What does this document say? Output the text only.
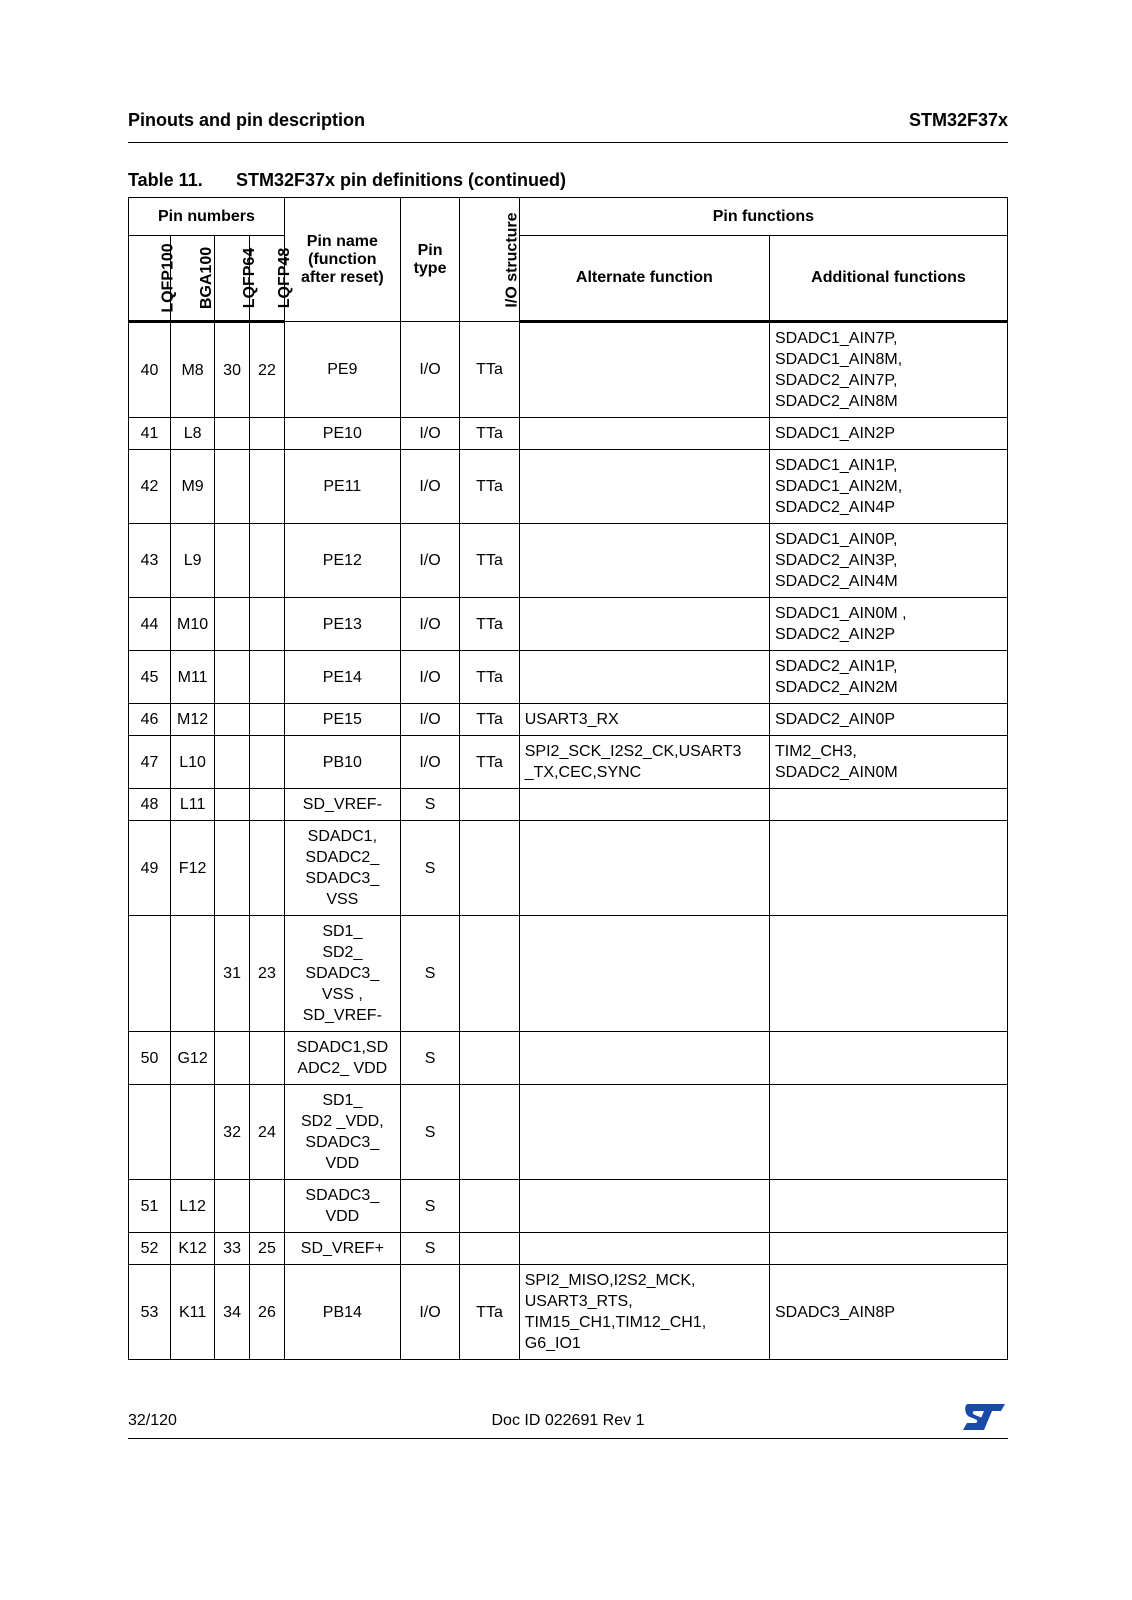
Pinouts and pin description	STM32F37x
Table 11. STM32F37x pin definitions (continued)
Pin numbers				Pin name
(function
after reset)	Pin
type	I/O structure	Pin functions	
LQFP100	BGA100	LQFP64	LQFP48				Alternate function	Additional functions
40	M8	30	22	PE9	I/O	TTa		SDADC1_AIN7P,
SDADC1_AIN8M,
SDADC2_AIN7P,
SDADC2_AIN8M
41	L8			PE10	I/O	TTa		SDADC1_AIN2P
42	M9			PE11	I/O	TTa		SDADC1_AIN1P,
SDADC1_AIN2M,
SDADC2_AIN4P
43	L9			PE12	I/O	TTa		SDADC1_AIN0P,
SDADC2_AIN3P,
SDADC2_AIN4M
44	M10			PE13	I/O	TTa		SDADC1_AIN0M ,
SDADC2_AIN2P
45	M11			PE14	I/O	TTa		SDADC2_AIN1P,
SDADC2_AIN2M
46	M12			PE15	I/O	TTa	USART3_RX	SDADC2_AIN0P
47	L10			PB10	I/O	TTa	SPI2_SCK_I2S2_CK,USART3
_TX,CEC,SYNC	TIM2_CH3,
SDADC2_AIN0M
48	L11			SD_VREF-	S			
49	F12			SDADC1,
SDADC2_
SDADC3_
VSS	S			
		31	23	SD1_
SD2_
SDADC3_
VSS ,
SD_VREF-	S			
50	G12			SDADC1,SD
ADC2_ VDD	S			
		32	24	SD1_
SD2 _VDD,
SDADC3_
VDD	S			
51	L12			SDADC3_
VDD	S			
52	K12	33	25	SD_VREF+	S			
53	K11	34	26	PB14	I/O	TTa	SPI2_MISO,I2S2_MCK,
USART3_RTS,
TIM15_CH1,TIM12_CH1,
G6_IO1	SDADC3_AIN8P
32/120	Doc ID 022691 Rev 1
